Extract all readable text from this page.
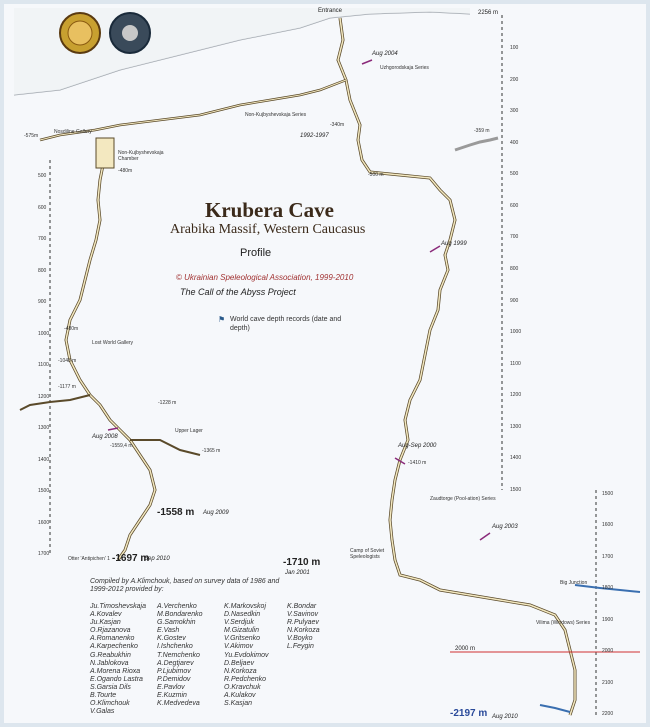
Entrance	2256 m
Krubera Cave
Arabika Massif, Western Caucasus
Profile
© Ukrainian Speleological Association, 1999-2010
The Call of the Abyss Project
⚑ World cave depth records (date and depth)
-1558 m
-1697 m	-1710 m
-2197 m
-1410 m
-1559,4 m
-1228 m
-1365 m
-1048 m
-1177 m
-480m
-480m
-340m
-500 m
-359 m
-575m
Aug 2004
1992-1997
Aug 1999
Aug 2008
Aug 2009
Sep 2010
Aug-Sep 2000
Jan 2001
Aug 2003
Aug 2010
Nosdiline Gallery
Non-Kujbyshevskaja Chamber
Lost World Gallery
Uzhgorodskaja Series
Non-Kujbyshevskaja Series
Zaudtorge (Pool-ation) Series
Upper Lager
Big Junction
Otter 'Antipichen' 1
Camp of Soviet Speleologists
2000 m
Vilima (Windows) Series
500
600
700
800
900
1000
1100
1200
1300
1400
1500
1600
1700
100
200
300
400
500
600
700
800
900
1000
1100
1200
1300
1400
1500
1500
1600
1700
1800
1900
2000
2100
2200
Compiled by A.Klimchouk, based on survey data of 1986 and 1999-2012 provided by:
Ju.Timoshevskaja
A.Kovalev
Ju.Kasjan
O.Rjazanova
A.Romanenko
A.Karpechenko
G.Reabukhin
N.Jablokova
A.Morena Rioxa
E.Ogando Lastra
S.Garsia Dils
B.Tourte
O.Klimchouk
V.Galas
A.Verchenko
M.Bondarenko
G.Samokhin
E.Vash
K.Gostev
I.Ishchenko
T.Nemchenko
A.Degtjarev
P.Ljubimov
P.Demidov
E.Pavlov
E.Kuzmin
K.Medvedeva
K.Markovskoj
D.Nasedkin
V.Serdjuk
M.Gizatulin
V.Gritsenko
V.Akimov
Yu.Evdokimov
D.Beljaev
N.Korkoza
R.Pedchenko
O.Kravchuk
A.Kulakov
S.Kasjan
K.Bondar
V.Savinov
R.Pulyaev
N.Korkoza
V.Boyko
L.Feygin
